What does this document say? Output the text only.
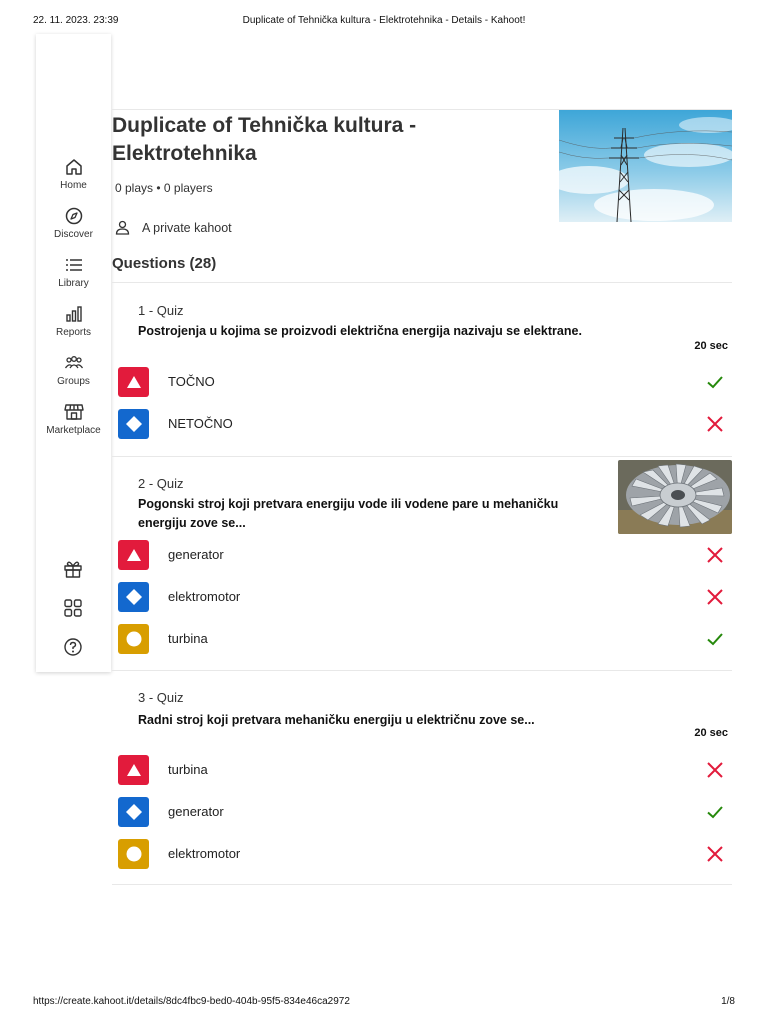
22. 11. 2023. 23:39	Duplicate of Tehnička kultura - Elektrotehnika - Details - Kahoot!
Home
Discover
Library
Reports
Groups
Marketplace
Duplicate of Tehnička kultura - Elektrotehnika
0 plays • 0 players
A private kahoot
Questions (28)
1 - Quiz
Postrojenja u kojima se proizvodi električna energija nazivaju se elektrane.
20 sec
TOČNO
NETOČNO
2 - Quiz
Pogonski stroj koji pretvara energiju vode ili vodene pare u mehaničku energiju zove se...
generator
elektromotor
turbina
3 - Quiz
Radni stroj koji pretvara mehaničku energiju u električnu zove se...
20 sec
turbina
generator
elektromotor
https://create.kahoot.it/details/8dc4fbc9-bed0-404b-95f5-834e46ca2972	1/8
